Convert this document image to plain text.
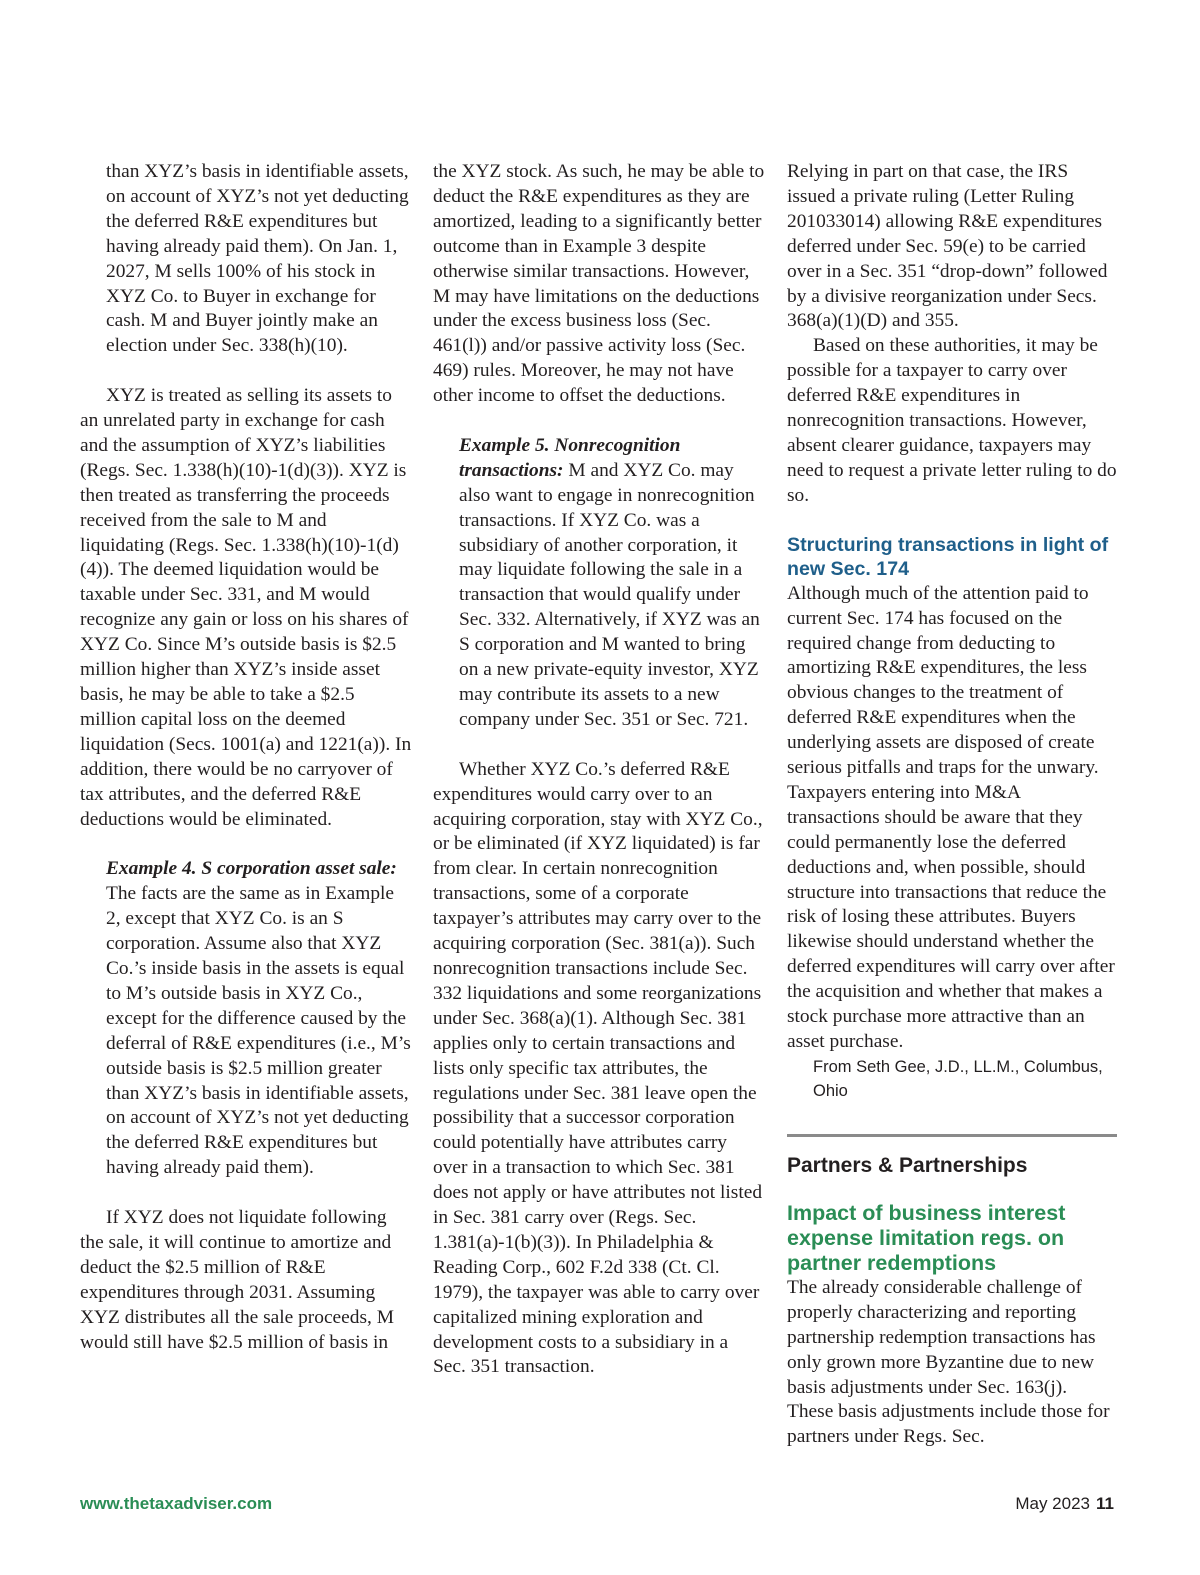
than XYZ’s basis in identifiable assets, on account of XYZ’s not yet deducting the deferred R&E expenditures but having already paid them). On Jan. 1, 2027, M sells 100% of his stock in XYZ Co. to Buyer in exchange for cash. M and Buyer jointly make an election under Sec. 338(h)(10).

XYZ is treated as selling its assets to an unrelated party in exchange for cash and the assumption of XYZ’s liabilities (Regs. Sec. 1.338(h)(10)-1(d)(3)). XYZ is then treated as transferring the proceeds received from the sale to M and liquidating (Regs. Sec. 1.338(h)(10)-1(d)(4)). The deemed liquidation would be taxable under Sec. 331, and M would recognize any gain or loss on his shares of XYZ Co. Since M’s outside basis is $2.5 million higher than XYZ’s inside asset basis, he may be able to take a $2.5 million capital loss on the deemed liquidation (Secs. 1001(a) and 1221(a)). In addition, there would be no carryover of tax attributes, and the deferred R&E deductions would be eliminated.

Example 4. S corporation asset sale: The facts are the same as in Example 2, except that XYZ Co. is an S corporation. Assume also that XYZ Co.’s inside basis in the assets is equal to M’s outside basis in XYZ Co., except for the difference caused by the deferral of R&E expenditures (i.e., M’s outside basis is $2.5 million greater than XYZ’s basis in identifiable assets, on account of XYZ’s not yet deducting the deferred R&E expenditures but having already paid them).

If XYZ does not liquidate following the sale, it will continue to amortize and deduct the $2.5 million of R&E expenditures through 2031. Assuming XYZ distributes all the sale proceeds, M would still have $2.5 million of basis in

the XYZ stock. As such, he may be able to deduct the R&E expenditures as they are amortized, leading to a significantly better outcome than in Example 3 despite otherwise similar transactions. However, M may have limitations on the deductions under the excess business loss (Sec. 461(l)) and/or passive activity loss (Sec. 469) rules. Moreover, he may not have other income to offset the deductions.

Example 5. Nonrecognition transactions: M and XYZ Co. may also want to engage in nonrecognition transactions. If XYZ Co. was a subsidiary of another corporation, it may liquidate following the sale in a transaction that would qualify under Sec. 332. Alternatively, if XYZ was an S corporation and M wanted to bring on a new private-equity investor, XYZ may contribute its assets to a new company under Sec. 351 or Sec. 721.

Whether XYZ Co.’s deferred R&E expenditures would carry over to an acquiring corporation, stay with XYZ Co., or be eliminated (if XYZ liquidated) is far from clear. In certain nonrecognition transactions, some of a corporate taxpayer’s attributes may carry over to the acquiring corporation (Sec. 381(a)). Such nonrecognition transactions include Sec. 332 liquidations and some reorganizations under Sec. 368(a)(1). Although Sec. 381 applies only to certain transactions and lists only specific tax attributes, the regulations under Sec. 381 leave open the possibility that a successor corporation could potentially have attributes carry over in a transaction to which Sec. 381 does not apply or have attributes not listed in Sec. 381 carry over (Regs. Sec. 1.381(a)-1(b)(3)). In Philadelphia & Reading Corp., 602 F.2d 338 (Ct. Cl. 1979), the taxpayer was able to carry over capitalized mining exploration and development costs to a subsidiary in a Sec. 351 transaction.

Relying in part on that case, the IRS issued a private ruling (Letter Ruling 201033014) allowing R&E expenditures deferred under Sec. 59(e) to be carried over in a Sec. 351 “drop-down” followed by a divisive reorganization under Secs. 368(a)(1)(D) and 355.

Based on these authorities, it may be possible for a taxpayer to carry over deferred R&E expenditures in nonrecognition transactions. However, absent clearer guidance, taxpayers may need to request a private letter ruling to do so.

Structuring transactions in light of new Sec. 174

Although much of the attention paid to current Sec. 174 has focused on the required change from deducting to amortizing R&E expenditures, the less obvious changes to the treatment of deferred R&E expenditures when the underlying assets are disposed of create serious pitfalls and traps for the unwary. Taxpayers entering into M&A transactions should be aware that they could permanently lose the deferred deductions and, when possible, should structure into transactions that reduce the risk of losing these attributes. Buyers likewise should understand whether the deferred expenditures will carry over after the acquisition and whether that makes a stock purchase more attractive than an asset purchase.

From Seth Gee, J.D., LL.M., Columbus, Ohio

Partners & Partnerships

Impact of business interest expense limitation regs. on partner redemptions

The already considerable challenge of properly characterizing and reporting partnership redemption transactions has only grown more Byzantine due to new basis adjustments under Sec. 163(j). These basis adjustments include those for partners under Regs. Sec.

www.thetaxadviser.com	May 2023 11
